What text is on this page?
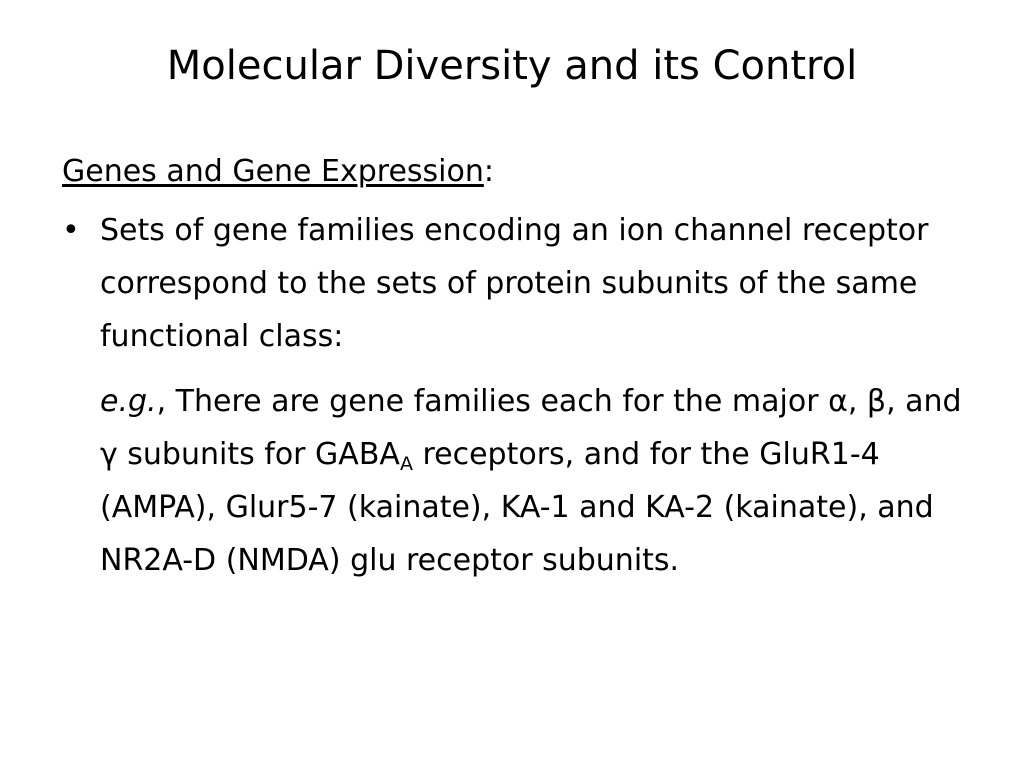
Molecular Diversity and its Control
Genes and Gene Expression:
• Sets of gene families encoding an ion channel receptor correspond to the sets of protein subunits of the same functional class:
e.g., There are gene families each for the major α, β, and γ subunits for $GABA_A$ receptors, and for the GluR1-4 (AMPA), Glur5-7 (kainate), KA-1 and KA-2 (kainate), and NR2A-D (NMDA) glu receptor subunits.
